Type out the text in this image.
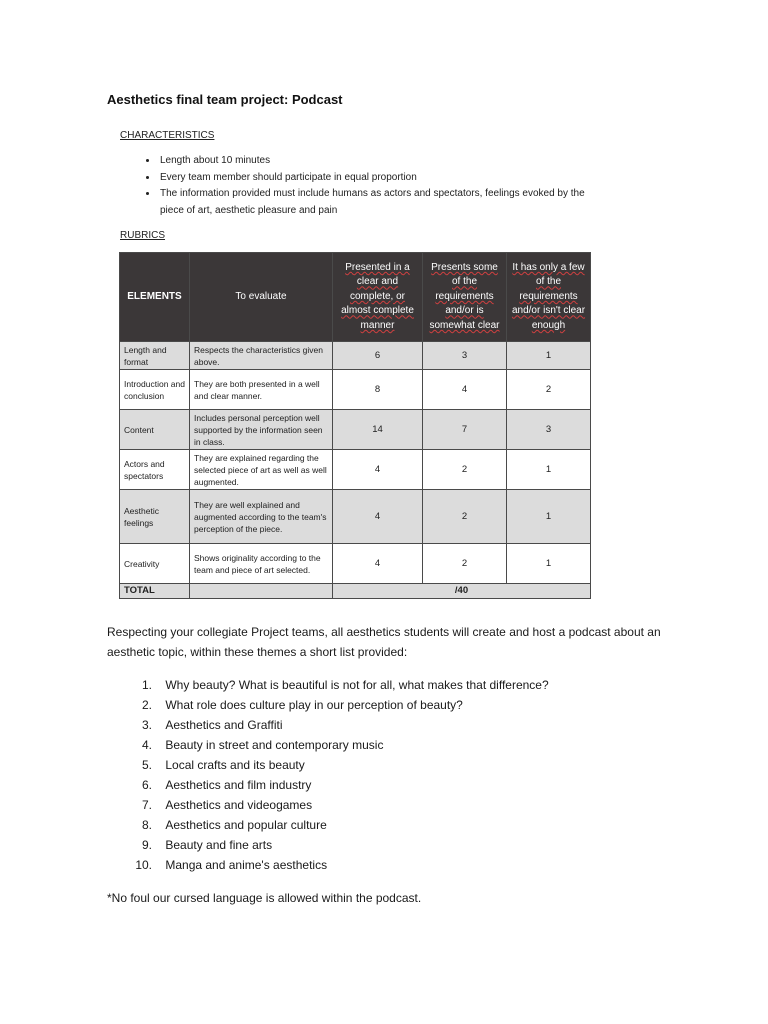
Aesthetics final team project: Podcast
CHARACTERISTICS
• Length about 10 minutes
• Every team member should participate in equal proportion
• The information provided must include humans as actors and spectators, feelings evoked by the piece of art, aesthetic pleasure and pain
RUBRICS
ELEMENTS	To evaluate	Presented in a clear and complete, or almost complete manner	Presents some of the requirements and/or is somewhat clear	It has only a few of the requirements and/or isn't clear enough
Length and format	Respects the characteristics given above.	6	3	1
Introduction and conclusion	They are both presented in a well and clear manner.	8	4	2
Content	Includes personal perception well supported by the information seen in class.	14	7	3
Actors and spectators	They are explained regarding the selected piece of art as well as well augmented.	4	2	1
Aesthetic feelings	They are well explained and augmented according to the team's perception of the piece.	4	2	1
Creativity	Shows originality according to the team and piece of art selected.	4	2	1
TOTAL		/40		
Respecting your collegiate Project teams, all aesthetics students will create and host a podcast about an aesthetic topic, within these themes a short list provided:
1.
Why beauty? What is beautiful is not for all, what makes that difference?
2.
What role does culture play in our perception of beauty?
3.
Aesthetics and Graffiti
4.
Beauty in street and contemporary music
5.
Local crafts and its beauty
6.
Aesthetics and film industry
7.
Aesthetics and videogames
8.
Aesthetics and popular culture
9.
Beauty and fine arts
10.
Manga and anime's aesthetics
*No foul our cursed language is allowed within the podcast.
